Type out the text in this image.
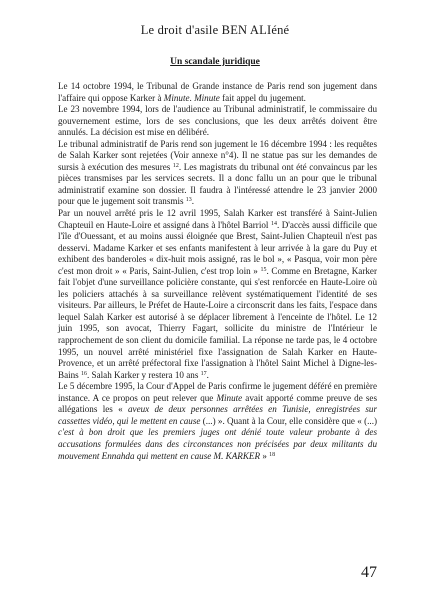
Le droit d'asile BEN ALIéné
Un scandale juridique

Le 14 octobre 1994, le Tribunal de Grande instance de Paris rend son jugement dans l'affaire qui oppose Karker à Minute. Minute fait appel du jugement.

Le 23 novembre 1994, lors de l'audience au Tribunal administratif, le commissaire du gouvernement estime, lors de ses conclusions, que les deux arrêtés doivent être annulés. La décision est mise en délibéré.

Le tribunal administratif de Paris rend son jugement le 16 décembre 1994 : les requêtes de Salah Karker sont rejetées (Voir annexe n°4). Il ne statue pas sur les demandes de sursis à exécution des mesures $^{12}$. Les magistrats du tribunal ont été convaincus par les pièces transmises par les services secrets. Il a donc fallu un an pour que le tribunal administratif examine son dossier. Il faudra à l'intéressé attendre le 23 janvier 2000 pour que le jugement soit transmis $^{13}$.

Par un nouvel arrêté pris le 12 avril 1995, Salah Karker est transféré à Saint-Julien Chapteuil en Haute-Loire et assigné dans à l'hôtel Barriol $^{14}$. D'accès aussi difficile que l'île d'Ouessant, et au moins aussi éloignée que Brest, Saint-Julien Chapteuil n'est pas desservi. Madame Karker et ses enfants manifestent à leur arrivée à la gare du Puy et exhibent des banderoles « dix-huit mois assigné, ras le bol », « Pasqua, voir mon père c'est mon droit » « Paris, Saint-Julien, c'est trop loin » $^{15}$. Comme en Bretagne, Karker fait l'objet d'une surveillance policière constante, qui s'est renforcée en Haute-Loire où les policiers attachés à sa surveillance relèvent systématiquement l'identité de ses visiteurs. Par ailleurs, le Préfet de Haute-Loire a circonscrit dans les faits, l'espace dans lequel Salah Karker est autorisé à se déplacer librement à l'enceinte de l'hôtel. Le 12 juin 1995, son avocat, Thierry Fagart, sollicite du ministre de l'Intérieur le rapprochement de son client du domicile familial. La réponse ne tarde pas, le 4 octobre 1995, un nouvel arrêté ministériel fixe l'assignation de Salah Karker en Haute-Provence, et un arrêté préfectoral fixe l'assignation à l'hôtel Saint Michel à Digne-les-Bains $^{16}$. Salah Karker y restera 10 ans $^{17}$.

Le 5 décembre 1995, la Cour d'Appel de Paris confirme le jugement déféré en première instance. A ce propos on peut relever que Minute avait apporté comme preuve de ses allégations les « aveux de deux personnes arrêtées en Tunisie, enregistrées sur cassettes vidéo, qui le mettent en cause (...) ». Quant à la Cour, elle considère que « (...) c'est à bon droit que les premiers juges ont dénié toute valeur probante à des accusations formulées dans des circonstances non précisées par deux militants du mouvement Ennahda qui mettent en cause M. KARKER » $^{18}$

47
